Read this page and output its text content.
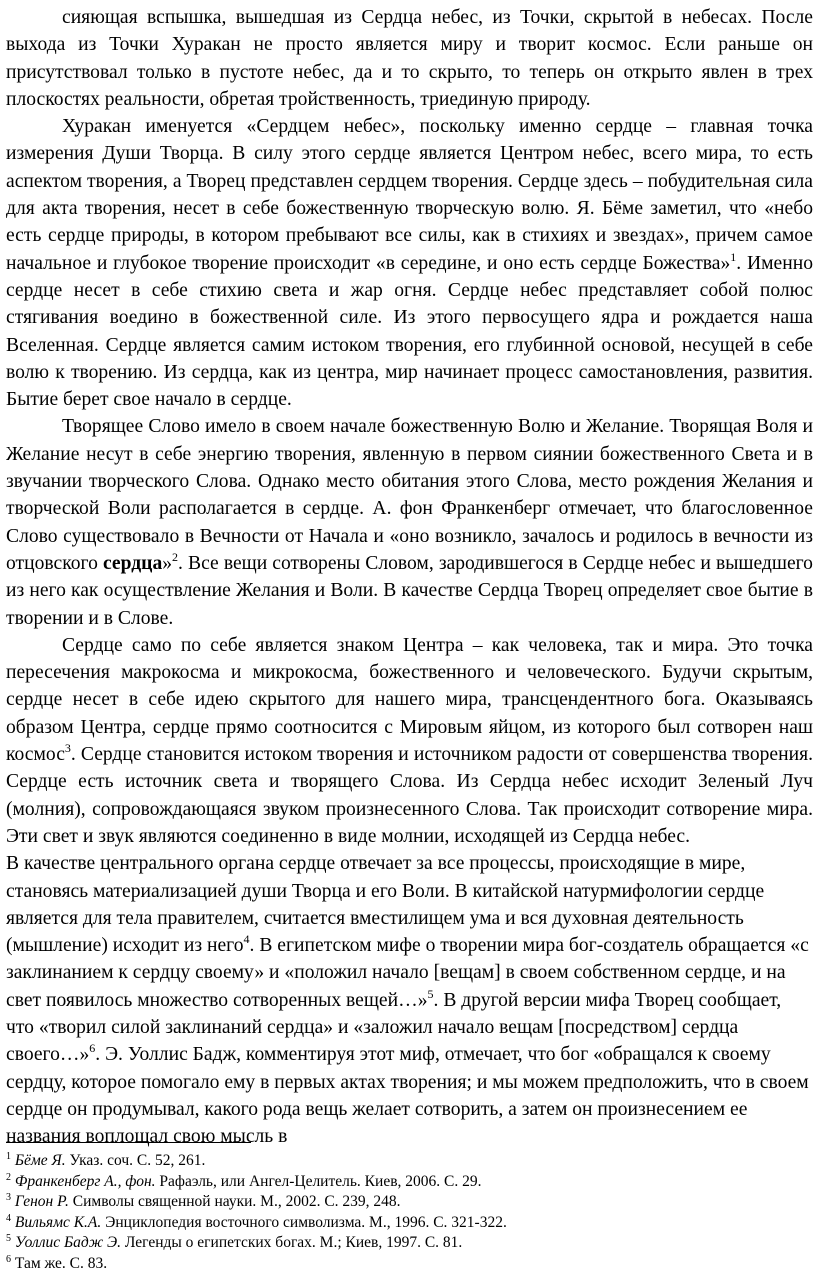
сияющая вспышка, вышедшая из Сердца небес, из Точки, скрытой в небесах. После выхода из Точки Хуракан не просто является миру и творит космос. Если раньше он присутствовал только в пустоте небес, да и то скрыто, то теперь он открыто явлен в трех плоскостях реальности, обретая тройственность, триединую природу.

Хуракан именуется «Сердцем небес», поскольку именно сердце – главная точка измерения Души Творца. В силу этого сердце является Центром небес, всего мира, то есть аспектом творения, а Творец представлен сердцем творения. Сердце здесь – побудительная сила для акта творения, несет в себе божественную творческую волю. Я. Бёме заметил, что «небо есть сердце природы, в котором пребывают все силы, как в стихиях и звездах», причем самое начальное и глубокое творение происходит «в середине, и оно есть сердце Божества»$^1$. Именно сердце несет в себе стихию света и жар огня. Сердце небес представляет собой полюс стягивания воедино в божественной силе. Из этого первосущего ядра и рождается наша Вселенная. Сердце является самим истоком творения, его глубинной основой, несущей в себе волю к творению. Из сердца, как из центра, мир начинает процесс самостановления, развития. Бытие берет свое начало в сердце.

Творящее Слово имело в своем начале божественную Волю и Желание. Творящая Воля и Желание несут в себе энергию творения, явленную в первом сиянии божественного Света и в звучании творческого Слова. Однако место обитания этого Слова, место рождения Желания и творческой Воли располагается в сердце. А. фон Франкенберг отмечает, что благословенное Слово существовало в Вечности от Начала и «оно возникло, зачалось и родилось в вечности из отцовского сердца»$^2$. Все вещи сотворены Словом, зародившегося в Сердце небес и вышедшего из него как осуществление Желания и Воли. В качестве Сердца Творец определяет свое бытие в творении и в Слове.

Сердце само по себе является знаком Центра – как человека, так и мира. Это точка пересечения макрокосма и микрокосма, божественного и человеческого. Будучи скрытым, сердце несет в себе идею скрытого для нашего мира, трансцендентного бога. Оказываясь образом Центра, сердце прямо соотносится с Мировым яйцом, из которого был сотворен наш космос$^3$. Сердце становится истоком творения и источником радости от совершенства творения. Сердце есть источник света и творящего Слова. Из Сердца небес исходит Зеленый Луч (молния), сопровождающаяся звуком произнесенного Слова. Так происходит сотворение мира. Эти свет и звук являются соединенно в виде молнии, исходящей из Сердца небес.

В качестве центрального органа сердце отвечает за все процессы, происходящие в мире, становясь материализацией души Творца и его Воли. В китайской натурмифологии сердце является для тела правителем, считается вместилищем ума и вся духовная деятельность (мышление) исходит из него$^4$. В египетском мифе о творении мира бог-создатель обращается «с заклинанием к сердцу своему» и «положил начало [вещам] в своем собственном сердце, и на свет появилось множество сотворенных вещей…»$^5$. В другой версии мифа Творец сообщает, что «творил силой заклинаний сердца» и «заложил начало вещам [посредством] сердца своего…»$^6$. Э. Уоллис Бадж, комментируя этот миф, отмечает, что бог «обращался к своему сердцу, которое помогало ему в первых актах творения; и мы можем предположить, что в своем сердце он продумывал, какого рода вещь желает сотворить, а затем он произнесением ее названия воплощал свою мысль в

$^1$ Бёме Я. Указ. соч. С. 52, 261.
$^2$ Франкенберг А., фон. Рафаэль, или Ангел-Целитель. Киев, 2006. С. 29.
$^3$ Генон Р. Символы священной науки. М., 2002. С. 239, 248.
$^4$ Вильямс К.А. Энциклопедия восточного символизма. М., 1996. С. 321-322.
$^5$ Уоллис Бадж Э. Легенды о египетских богах. М.; Киев, 1997. С. 81.
$^6$ Там же. С. 83.
